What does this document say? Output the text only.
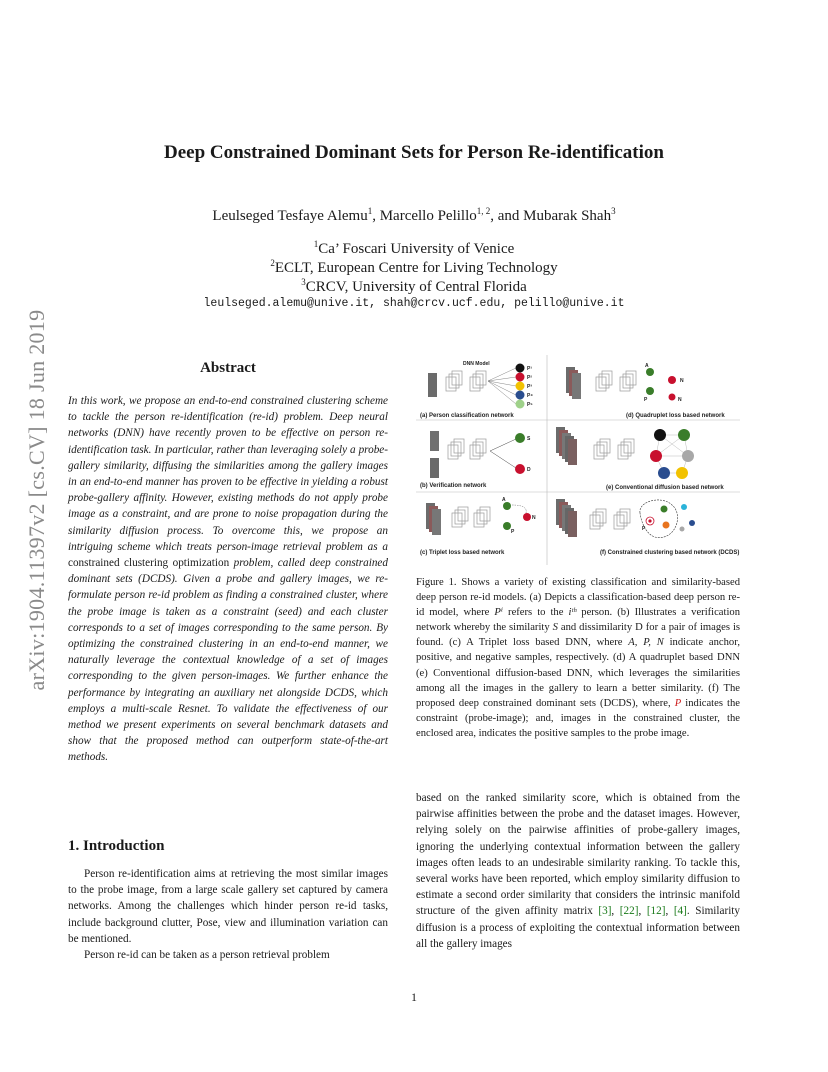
arXiv:1904.11397v2 [cs.CV] 18 Jun 2019
Deep Constrained Dominant Sets for Person Re-identification
Leulseged Tesfaye Alemu$^1$, Marcello Pelillo$^{1, 2}$, and Mubarak Shah$^3$
$^1$Ca’ Foscari University of Venice
$^2$ECLT, European Centre for Living Technology
$^3$CRCV, University of Central Florida
leulseged.alemu@unive.it, shah@crcv.ucf.edu, pelillo@unive.it
Abstract
In this work, we propose an end-to-end constrained clustering scheme to tackle the person re-identification (re-id) problem. Deep neural networks (DNN) have recently proven to be effective on person re-identification task. In particular, rather than leveraging solely a probe-gallery similarity, diffusing the similarities among the gallery images in an end-to-end manner has proven to be effective in yielding a robust probe-gallery affinity. However, existing methods do not apply probe image as a constraint, and are prone to noise propagation during the similarity diffusion process. To overcome this, we propose an intriguing scheme which treats person-image retrieval problem as a constrained clustering optimization problem, called deep constrained dominant sets (DCDS). Given a probe and gallery images, we re-formulate person re-id problem as finding a constrained cluster, where the probe image is taken as a constraint (seed) and each cluster corresponds to a set of images corresponding to the same person. By optimizing the constrained clustering in an end-to-end manner, we naturally leverage the contextual knowledge of a set of images corresponding to the given person-images. We further enhance the performance by integrating an auxiliary net alongside DCDS, which employs a multi-scale Resnet. To validate the effectiveness of our method we present experiments on several benchmark datasets and show that the proposed method can outperform state-of-the-art methods.
1. Introduction

Person re-identification aims at retrieving the most similar images to the probe image, from a large scale gallery set captured by camera networks. Among the challenges which hinder person re-id tasks, include background clutter, Pose, view and illumination variation can be mentioned.

Person re-id can be taken as a person retrieval problem

DNN Model
P¹
P²
P³
P⁴
P⁵
(a) Person classification network
S
D
(b) Verification network
A
N
P
(c) Triplet loss based network
A
N
N
P
(d) Quadruplet loss based network
(e) Conventional diffusion based network
P
(f) Constrained clustering based network (DCDS)
Figure 1. Shows a variety of existing classification and similarity-based deep person re-id models. (a) Depicts a classification-based deep person re-id model, where Pⁱ refers to the iᵗʰ person. (b) Illustrates a verification network whereby the similarity S and dissimilarity D for a pair of images is found. (c) A Triplet loss based DNN, where A, P, N indicate anchor, positive, and negative samples, respectively. (d) A quadruplet based DNN (e) Conventional diffusion-based DNN, which leverages the similarities among all the images in the gallery to learn a better similarity. (f) The proposed deep constrained dominant sets (DCDS), where, P indicates the constraint (probe-image); and, images in the constrained cluster, the enclosed area, indicates the positive samples to the probe image.
based on the ranked similarity score, which is obtained from the pairwise affinities between the probe and the dataset images. However, relying solely on the pairwise affinities of probe-gallery images, ignoring the underlying contextual information between the gallery images often leads to an undesirable similarity ranking. To tackle this, several works have been reported, which employ similarity diffusion to estimate a second order similarity that considers the intrinsic manifold structure of the given affinity matrix [3], [22], [12], [4]. Similarity diffusion is a process of exploiting the contextual information between all the gallery images
1
